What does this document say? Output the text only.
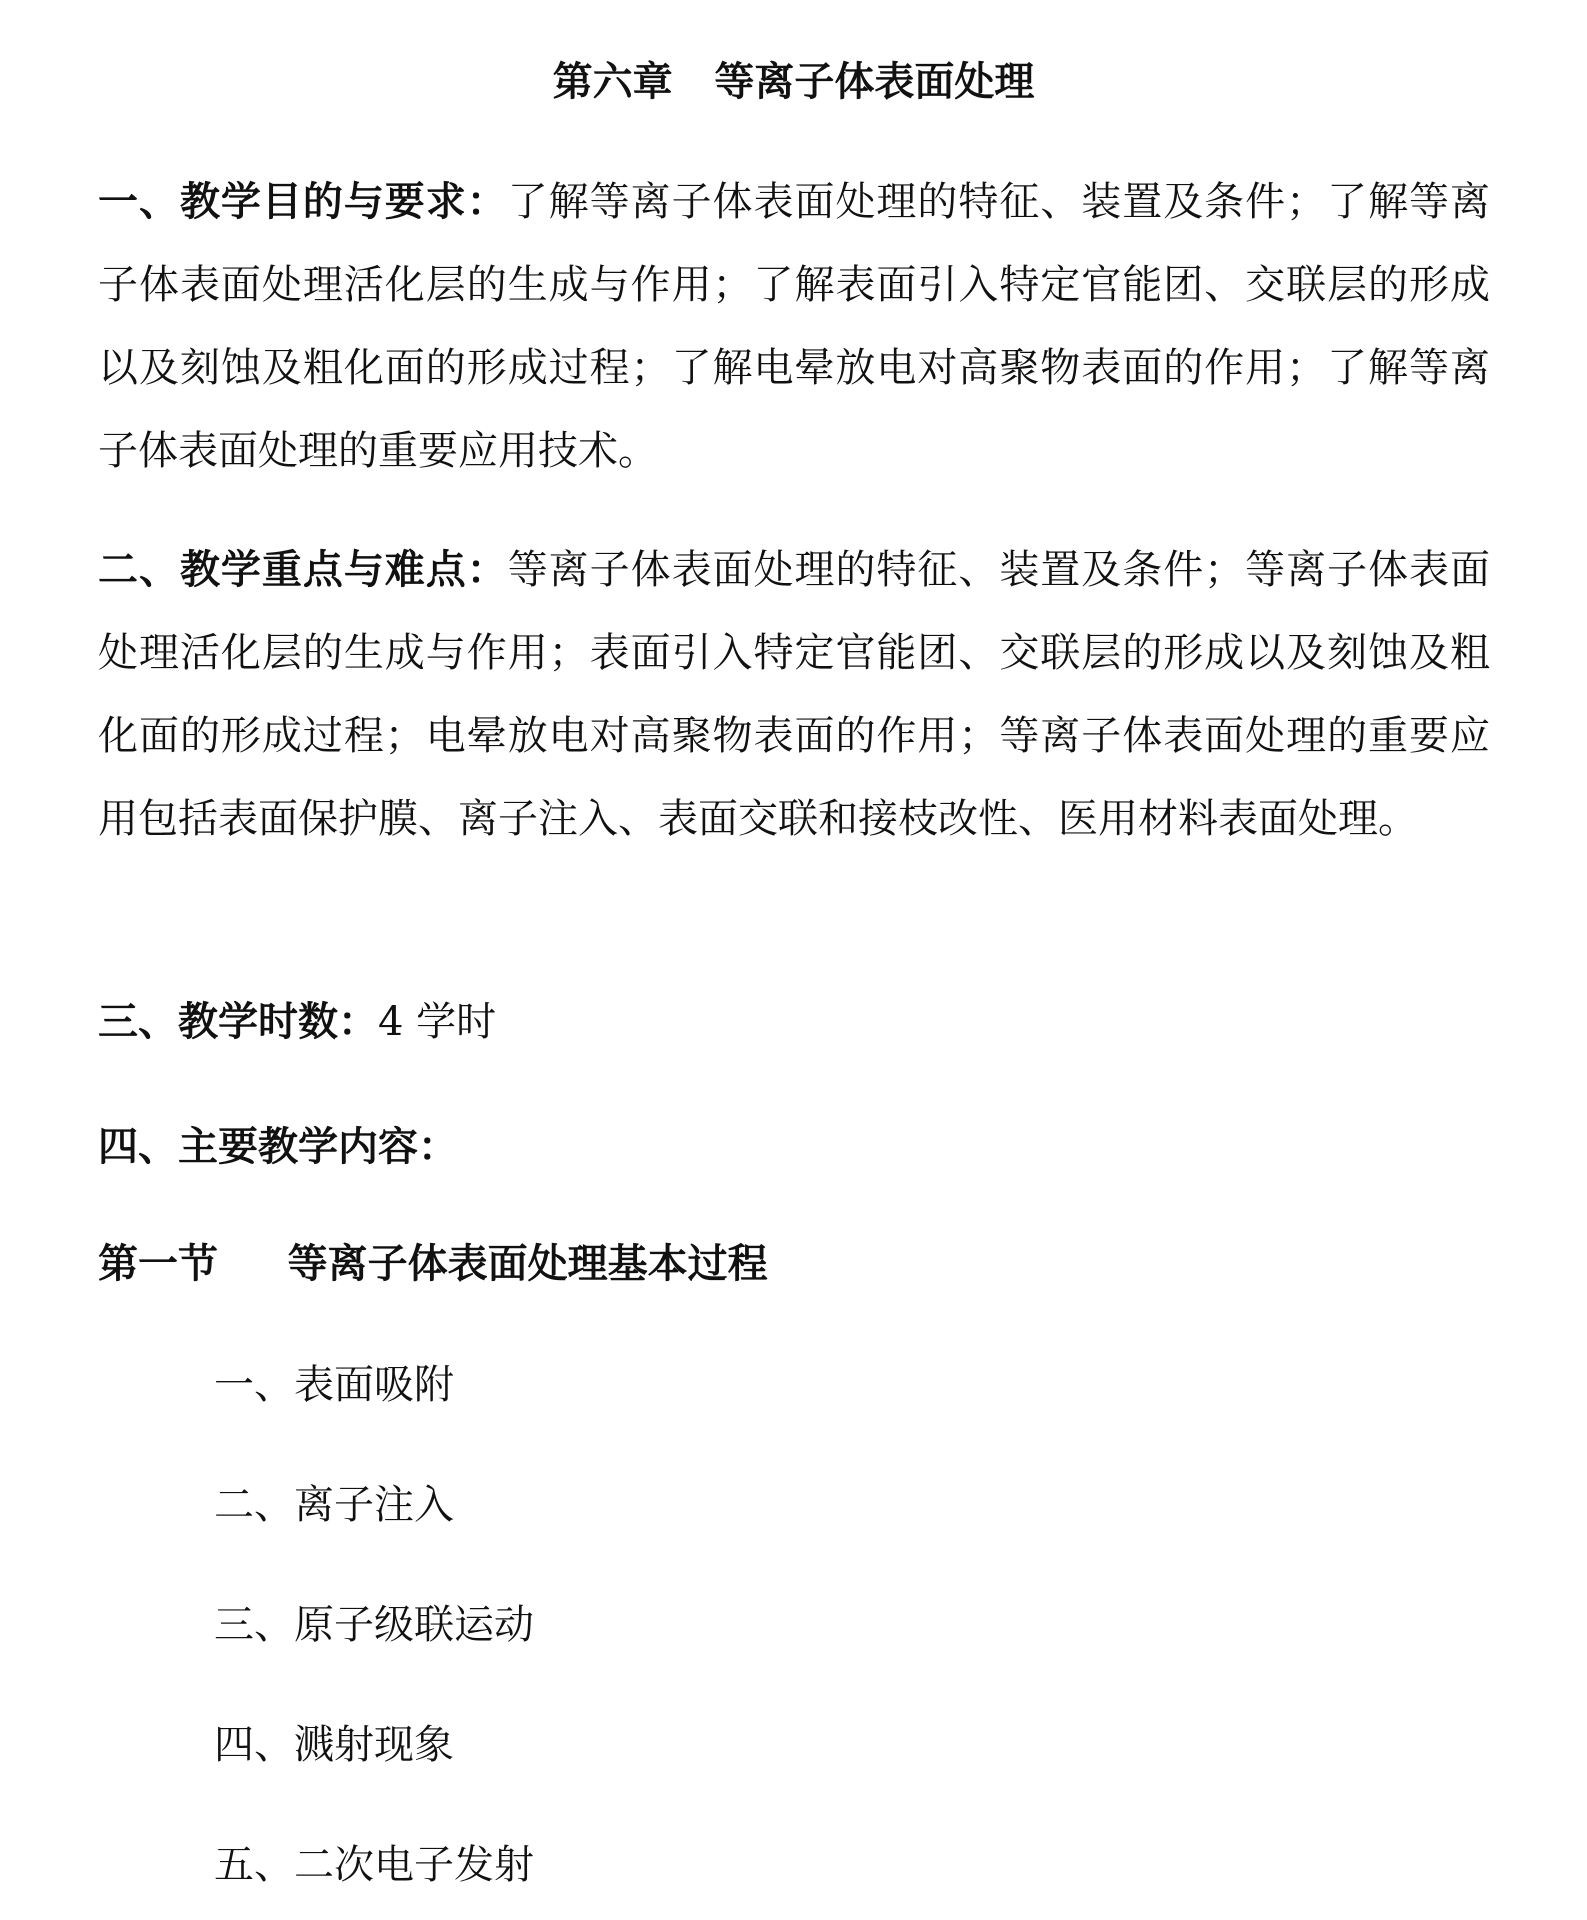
第六章   等离子体表面处理
一、教学目的与要求：了解等离子体表面处理的特征、装置及条件；了解等离子体表面处理活化层的生成与作用；了解表面引入特定官能团、交联层的形成以及刻蚀及粗化面的形成过程；了解电晕放电对高聚物表面的作用；了解等离子体表面处理的重要应用技术。
二、教学重点与难点：等离子体表面处理的特征、装置及条件；等离子体表面处理活化层的生成与作用；表面引入特定官能团、交联层的形成以及刻蚀及粗化面的形成过程；电晕放电对高聚物表面的作用；等离子体表面处理的重要应用包括表面保护膜、离子注入、表面交联和接枝改性、医用材料表面处理。
三、教学时数：4 学时
四、主要教学内容：
第一节     等离子体表面处理基本过程
一、表面吸附
二、离子注入
三、原子级联运动
四、溅射现象
五、二次电子发射
